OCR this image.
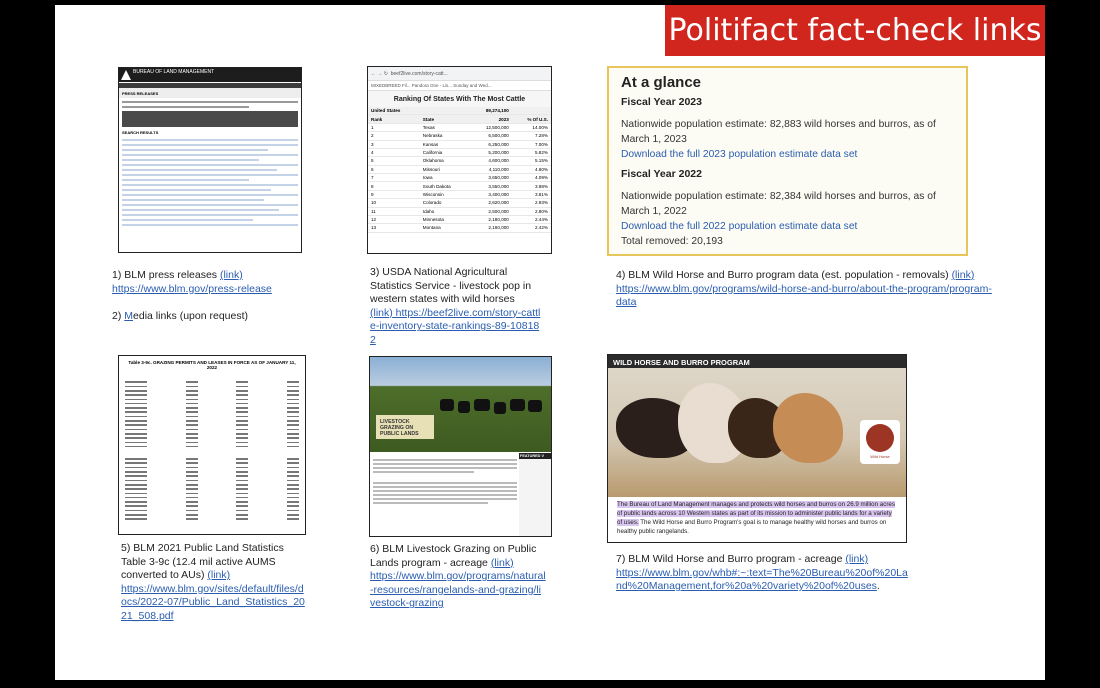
Politifact fact-check links
BUREAU OF LAND MANAGEMENT
PRESS RELEASES
SEARCH RESULTS
← → ↻  beef2live.com/story-catt...
MIXEDBREED Fil... Pandora One - Lis... Sunday and Wed...
Ranking Of States With The Most Cattle
United States		89,274,100	
Rank	State	2023	% Of U.S.
1	Texas	12,500,000	14.00%
2	Nebraska	6,500,000	7.28%
3	Kansas	6,250,000	7.00%
4	California	5,200,000	5.82%
5	Oklahoma	4,600,000	5.15%
6	Missouri	4,110,000	4.60%
7	Iowa	3,650,000	4.09%
8	South Dakota	3,550,000	3.98%
9	Wisconsin	3,400,000	3.81%
10	Colorado	2,620,000	2.93%
11	Idaho	2,500,000	2.80%
12	Minnesota	2,180,000	2.44%
13	Montana	2,160,000	2.42%
At a glance
Fiscal Year 2023

Nationwide population estimate: 82,883 wild horses and burros, as of March 1, 2023

Download the full 2023 population estimate data set
Fiscal Year 2022

Nationwide population estimate: 82,384 wild horses and burros, as of March 1, 2022

Download the full 2022 population estimate data set

Total removed: 20,193

Table 3-9c. GRAZING PERMITS AND LEASES IN FORCE AS OF JANUARY 11, 2022
LIVESTOCK GRAZING ON PUBLIC LANDS
FEATURED V
WILD HORSE AND BURRO PROGRAM
Wild Horse
The Bureau of Land Management manages and protects wild horses and burros on 26.9 million acres of public lands across 10 Western states as part of its mission to administer public lands for a variety of uses. The Wild Horse and Burro Program's goal is to manage healthy wild horses and burros on healthy public rangelands.
1) BLM press releases (link)
https://www.blm.gov/press-release
2) Media links (upon request)
3) USDA National Agricultural Statistics Service - livestock pop in western states with wild horses
(link) https://beef2live.com/story-cattle-inventory-state-rankings-89-108182
4) BLM Wild Horse and Burro program data (est. population - removals) (link)
https://www.blm.gov/programs/wild-horse-and-burro/about-the-program/program-data
5) BLM 2021 Public Land Statistics Table 3-9c (12.4 mil active AUMS converted to AUs) (link)
https://www.blm.gov/sites/default/files/docs/2022-07/Public_Land_Statistics_2021_508.pdf
6) BLM Livestock Grazing on Public Lands program - acreage (link)
https://www.blm.gov/programs/natural-resources/rangelands-and-grazing/livestock-grazing
7) BLM Wild Horse and Burro program - acreage (link)
https://www.blm.gov/whb#:~:text=The%20Bureau%20of%20Land%20Management,for%20a%20variety%20of%20uses.
